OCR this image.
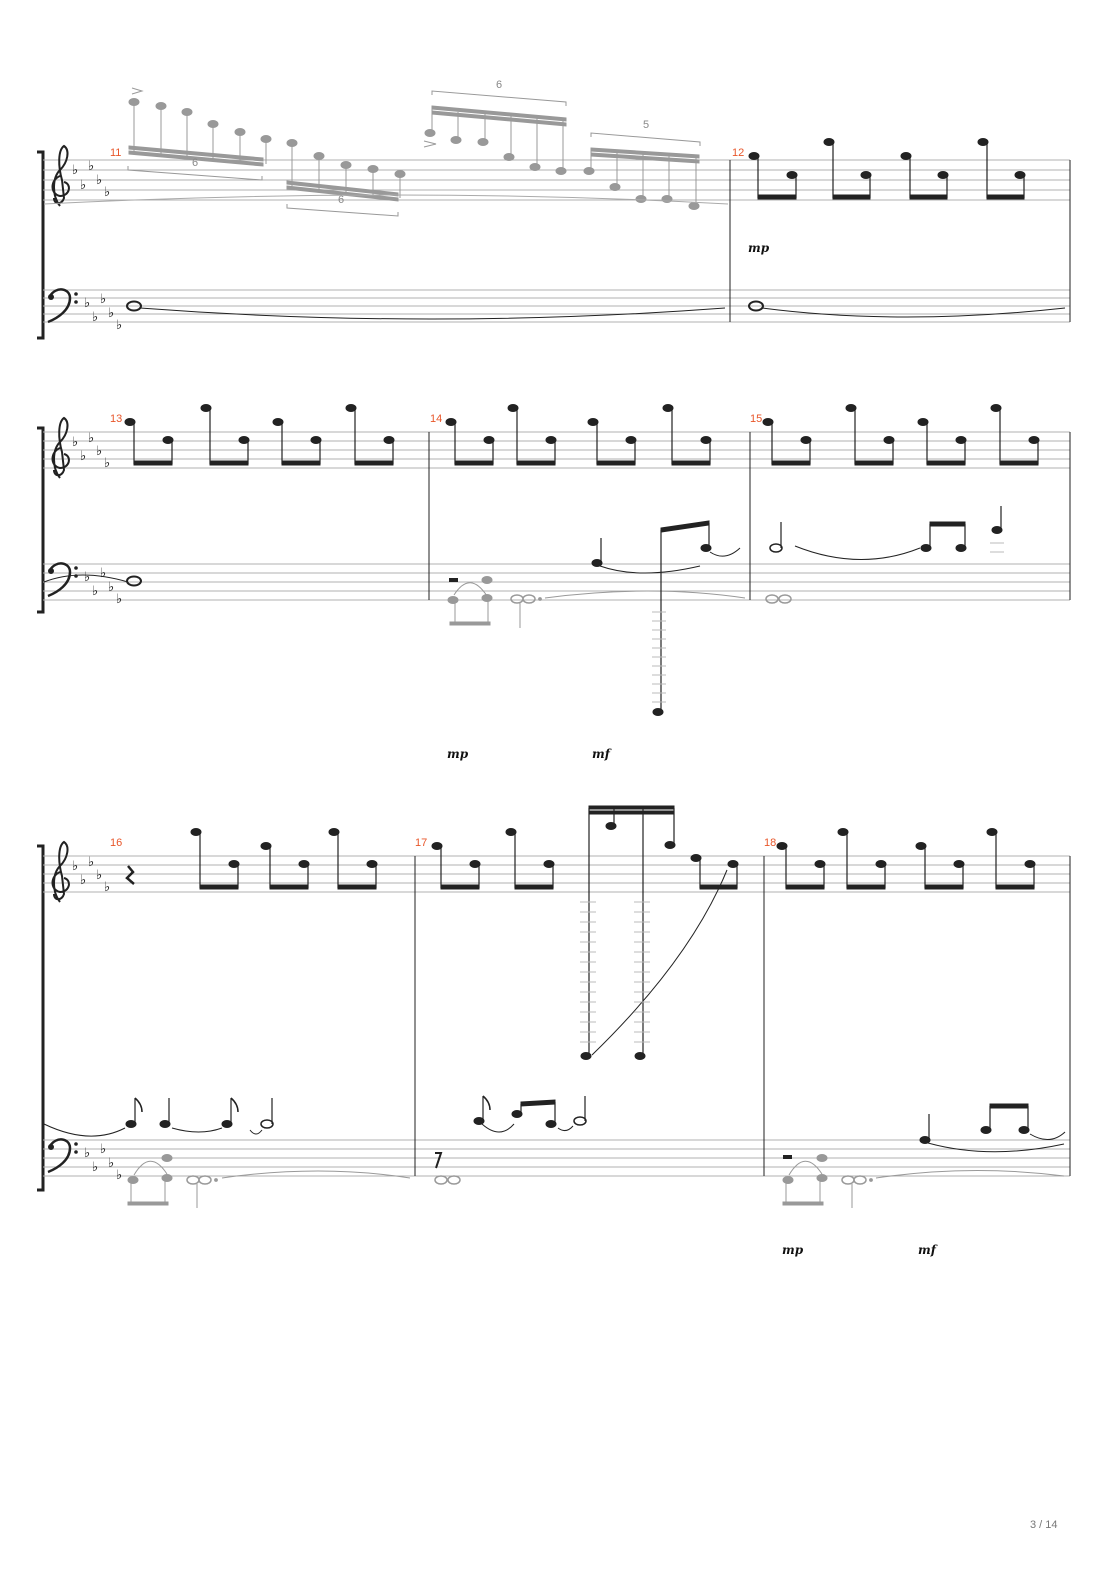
♭
♭
♭
♭
♭
♭
♭
♭
♭
♭
11	12
6
6
6
5
mp
♭
♭
♭
♭
♭
♭
♭
♭
♭
♭
13	14	15
mp	mf
♭
♭
♭
♭
♭
♭
♭
♭
♭
♭
16	17	18
mp	mf
3 / 14
